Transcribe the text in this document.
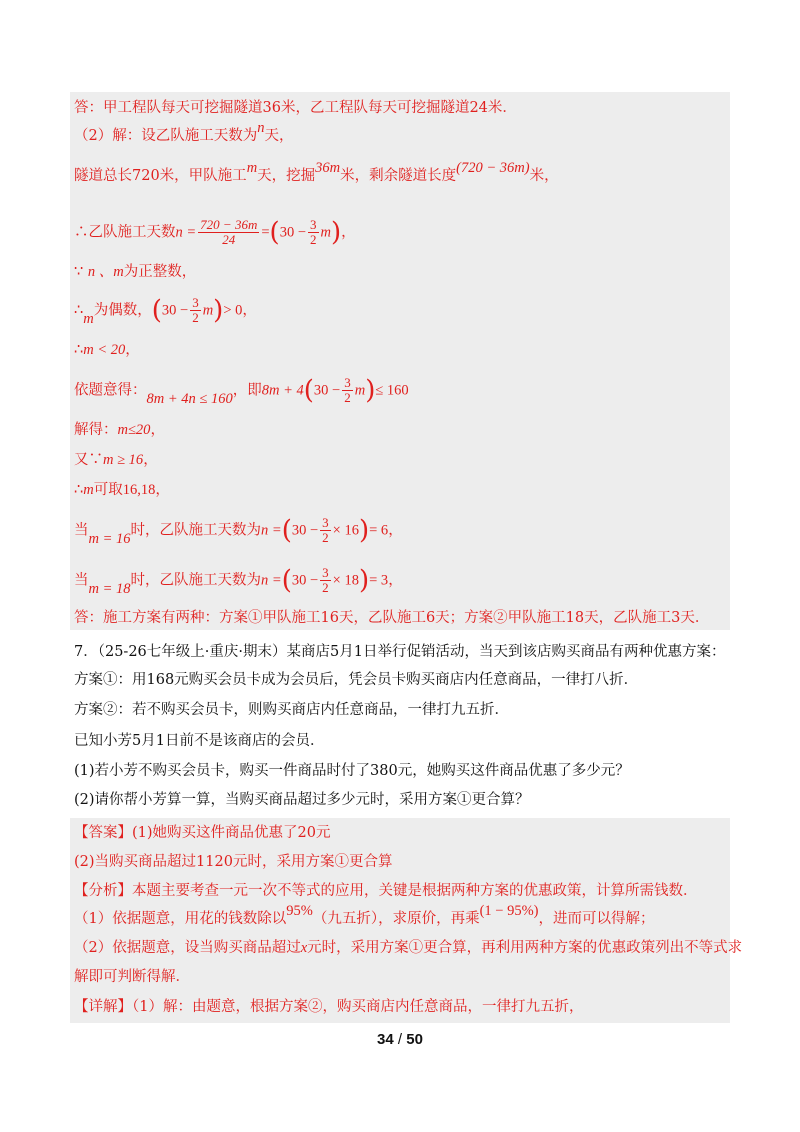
答：甲工程队每天可挖掘隧道36米，乙工程队每天可挖掘隧道24米．
（2）解：设乙队施工天数为n天，
隧道总长720米，甲队施工m天，挖掘36m米，剩余隧道长度(720 − 36m)米，
∴乙队施工天数$n = \frac{720 - 36m}{24} =(30 - \frac{3}{2} m)$，
∵ n 、m为正整数，
∴m为偶数，$(30 - \frac{3}{2} m)> 0$，
∴m < 20，
依题意得：8m + 4n ≤ 160，即$8m + 4(30 - \frac{3}{2} m)\le 160$
解得：m≤20，
又∵m ≥ 16，
∴m可取16,18，
当m = 16时，乙队施工天数为$n =(30 - \frac{3}{2} \times 16)= 6$，
当m = 18时，乙队施工天数为$n =(30 - \frac{3}{2} \times 18)= 3$，
答：施工方案有两种：方案①甲队施工16天，乙队施工6天；方案②甲队施工18天，乙队施工3天．
7．（25-26七年级上·重庆·期末）某商店5月1日举行促销活动，当天到该店购买商品有两种优惠方案：
方案①：用168元购买会员卡成为会员后，凭会员卡购买商店内任意商品，一律打八折．
方案②：若不购买会员卡，则购买商店内任意商品，一律打九五折．
已知小芳5月1日前不是该商店的会员．
(1)若小芳不购买会员卡，购买一件商品时付了380元，她购买这件商品优惠了多少元？
(2)请你帮小芳算一算，当购买商品超过多少元时，采用方案①更合算？
【答案】(1)她购买这件商品优惠了20元
(2)当购买商品超过1120元时，采用方案①更合算
【分析】本题主要考查一元一次不等式的应用，关键是根据两种方案的优惠政策，计算所需钱数．
（1）依据题意，用花的钱数除以95%（九五折），求原价，再乘(1 − 95%)，进而可以得解；
（2）依据题意，设当购买商品超过x元时，采用方案①更合算，再利用两种方案的优惠政策列出不等式求
解即可判断得解．
【详解】（1）解：由题意，根据方案②，购买商店内任意商品，一律打九五折，
34 / 50
